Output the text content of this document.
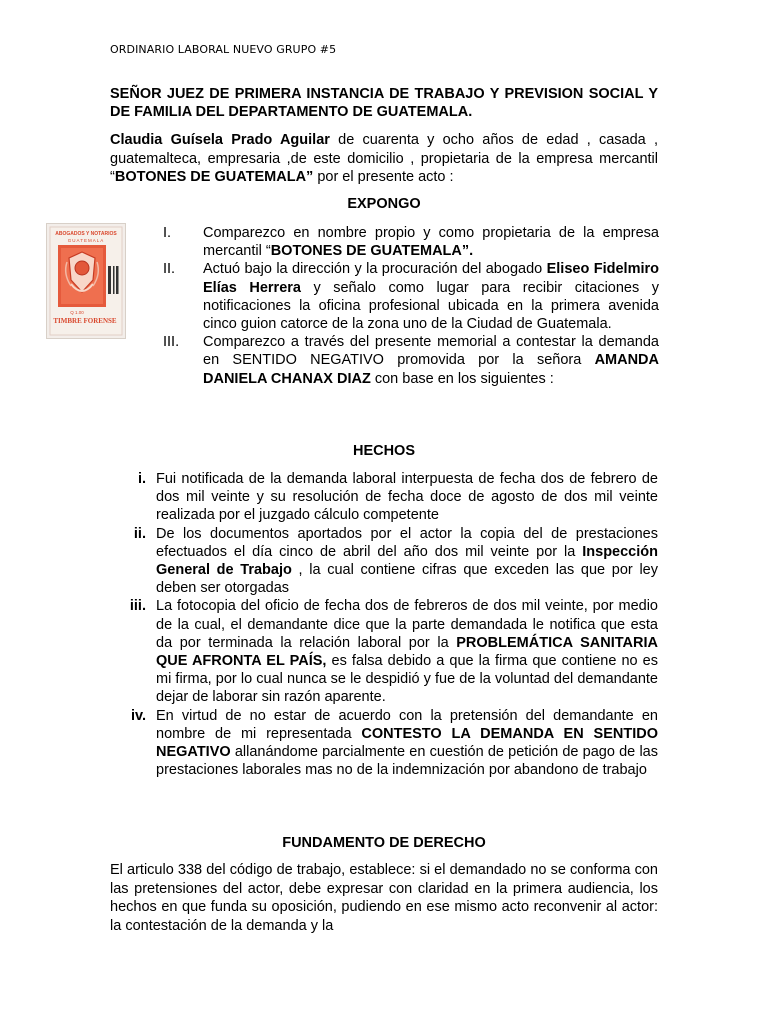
ORDINARIO LABORAL NUEVO GRUPO #5
SEÑOR JUEZ DE PRIMERA INSTANCIA DE TRABAJO Y PREVISION SOCIAL Y DE FAMILIA DEL DEPARTAMENTO DE GUATEMALA.
Claudia Guísela Prado Aguilar de cuarenta y ocho años de edad , casada , guatemalteca, empresaria ,de este domicilio , propietaria de la empresa mercantil “BOTONES DE GUATEMALA” por el presente acto :
EXPONGO
ABOGADOS Y NOTARIOS
GUATEMALA
Q 1.00
TIMBRE FORENSE
I.	Comparezco en nombre propio y como propietaria de la empresa mercantil “BOTONES DE GUATEMALA”.
II.	Actuó bajo la dirección y la procuración del abogado Eliseo Fidelmiro Elías Herrera y señalo como lugar para recibir citaciones y notificaciones la oficina profesional ubicada en la primera avenida cinco guion catorce de la zona uno de la Ciudad de Guatemala.
III.	Comparezco a través del presente memorial a contestar la demanda en SENTIDO NEGATIVO promovida por la señora AMANDA DANIELA CHANAX DIAZ con base en los siguientes :
HECHOS
i. Fui notificada de la demanda laboral interpuesta de fecha dos de febrero de dos mil veinte y su resolución de fecha doce de agosto de dos mil veinte realizada por el juzgado cálculo competente
ii. De los documentos aportados por el actor la copia del de prestaciones efectuados el día cinco de abril del año dos mil veinte por la Inspección General de Trabajo , la cual contiene cifras que exceden las que por ley deben ser otorgadas
iii. La fotocopia del oficio de fecha dos de febreros de dos mil veinte, por medio de la cual, el demandante dice que la parte demandada le notifica que esta da por terminada la relación laboral por la PROBLEMÁTICA SANITARIA QUE AFRONTA EL PAÍS, es falsa debido a que la firma que contiene no es mi firma, por lo cual nunca se le despidió y fue de la voluntad del demandante dejar de laborar sin razón aparente.
iv. En virtud de no estar de acuerdo con la pretensión del demandante en nombre de mi representada CONTESTO LA DEMANDA EN SENTIDO NEGATIVO allanándome parcialmente en cuestión de petición de pago de las prestaciones laborales mas no de la indemnización por abandono de trabajo
FUNDAMENTO DE DERECHO
El articulo 338 del código de trabajo, establece: si el demandado no se conforma con las pretensiones del actor, debe expresar con claridad en la primera audiencia, los hechos en que funda su oposición, pudiendo en ese mismo acto reconvenir al actor: la contestación de la demanda y la
